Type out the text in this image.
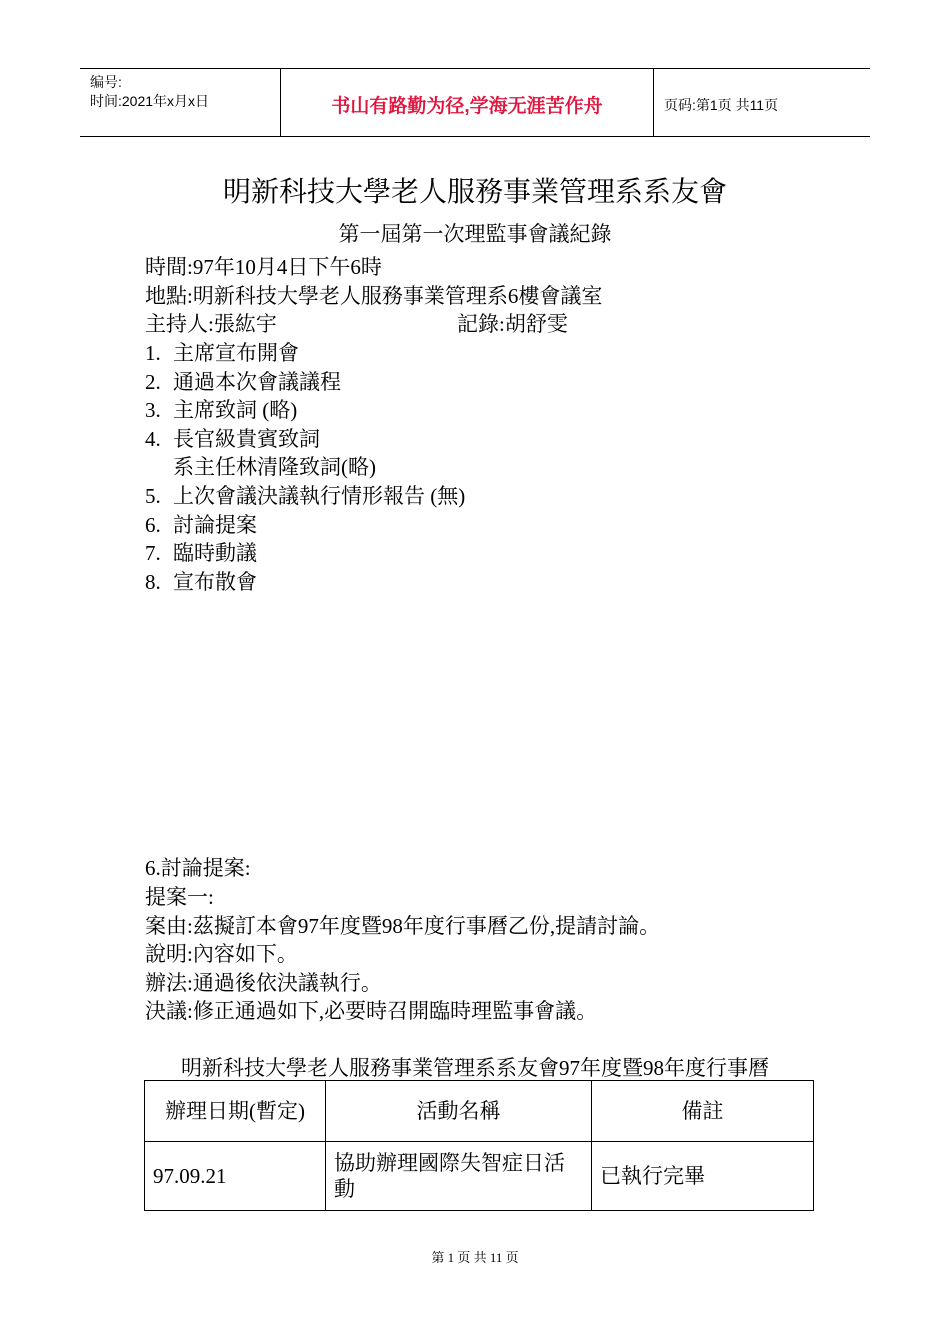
编号:
时间:2021年x月x日	书山有路勤为径,学海无涯苦作舟	页码:第1页 共11页
明新科技大學老人服務事業管理系系友會
第一屆第一次理監事會議紀錄
時間:97年10月4日下午6時
地點:明新科技大學老人服務事業管理系6樓會議室
主持人:張紘宇	記錄:胡舒雯
1. 主席宣布開會
2. 通過本次會議議程
3. 主席致詞 (略)
4. 長官級貴賓致詞
系主任林清隆致詞(略)
5. 上次會議決議執行情形報告 (無)
6. 討論提案
7. 臨時動議
8. 宣布散會
6.討論提案:
提案一:
案由:茲擬訂本會97年度暨98年度行事曆乙份,提請討論。
說明:內容如下。
辦法:通過後依決議執行。
決議:修正通過如下,必要時召開臨時理監事會議。
明新科技大學老人服務事業管理系系友會97年度暨98年度行事曆
辦理日期(暫定)	活動名稱	備註
97.09.21	協助辦理國際失智症日活動	已執行完畢
第 1 页 共 11 页
